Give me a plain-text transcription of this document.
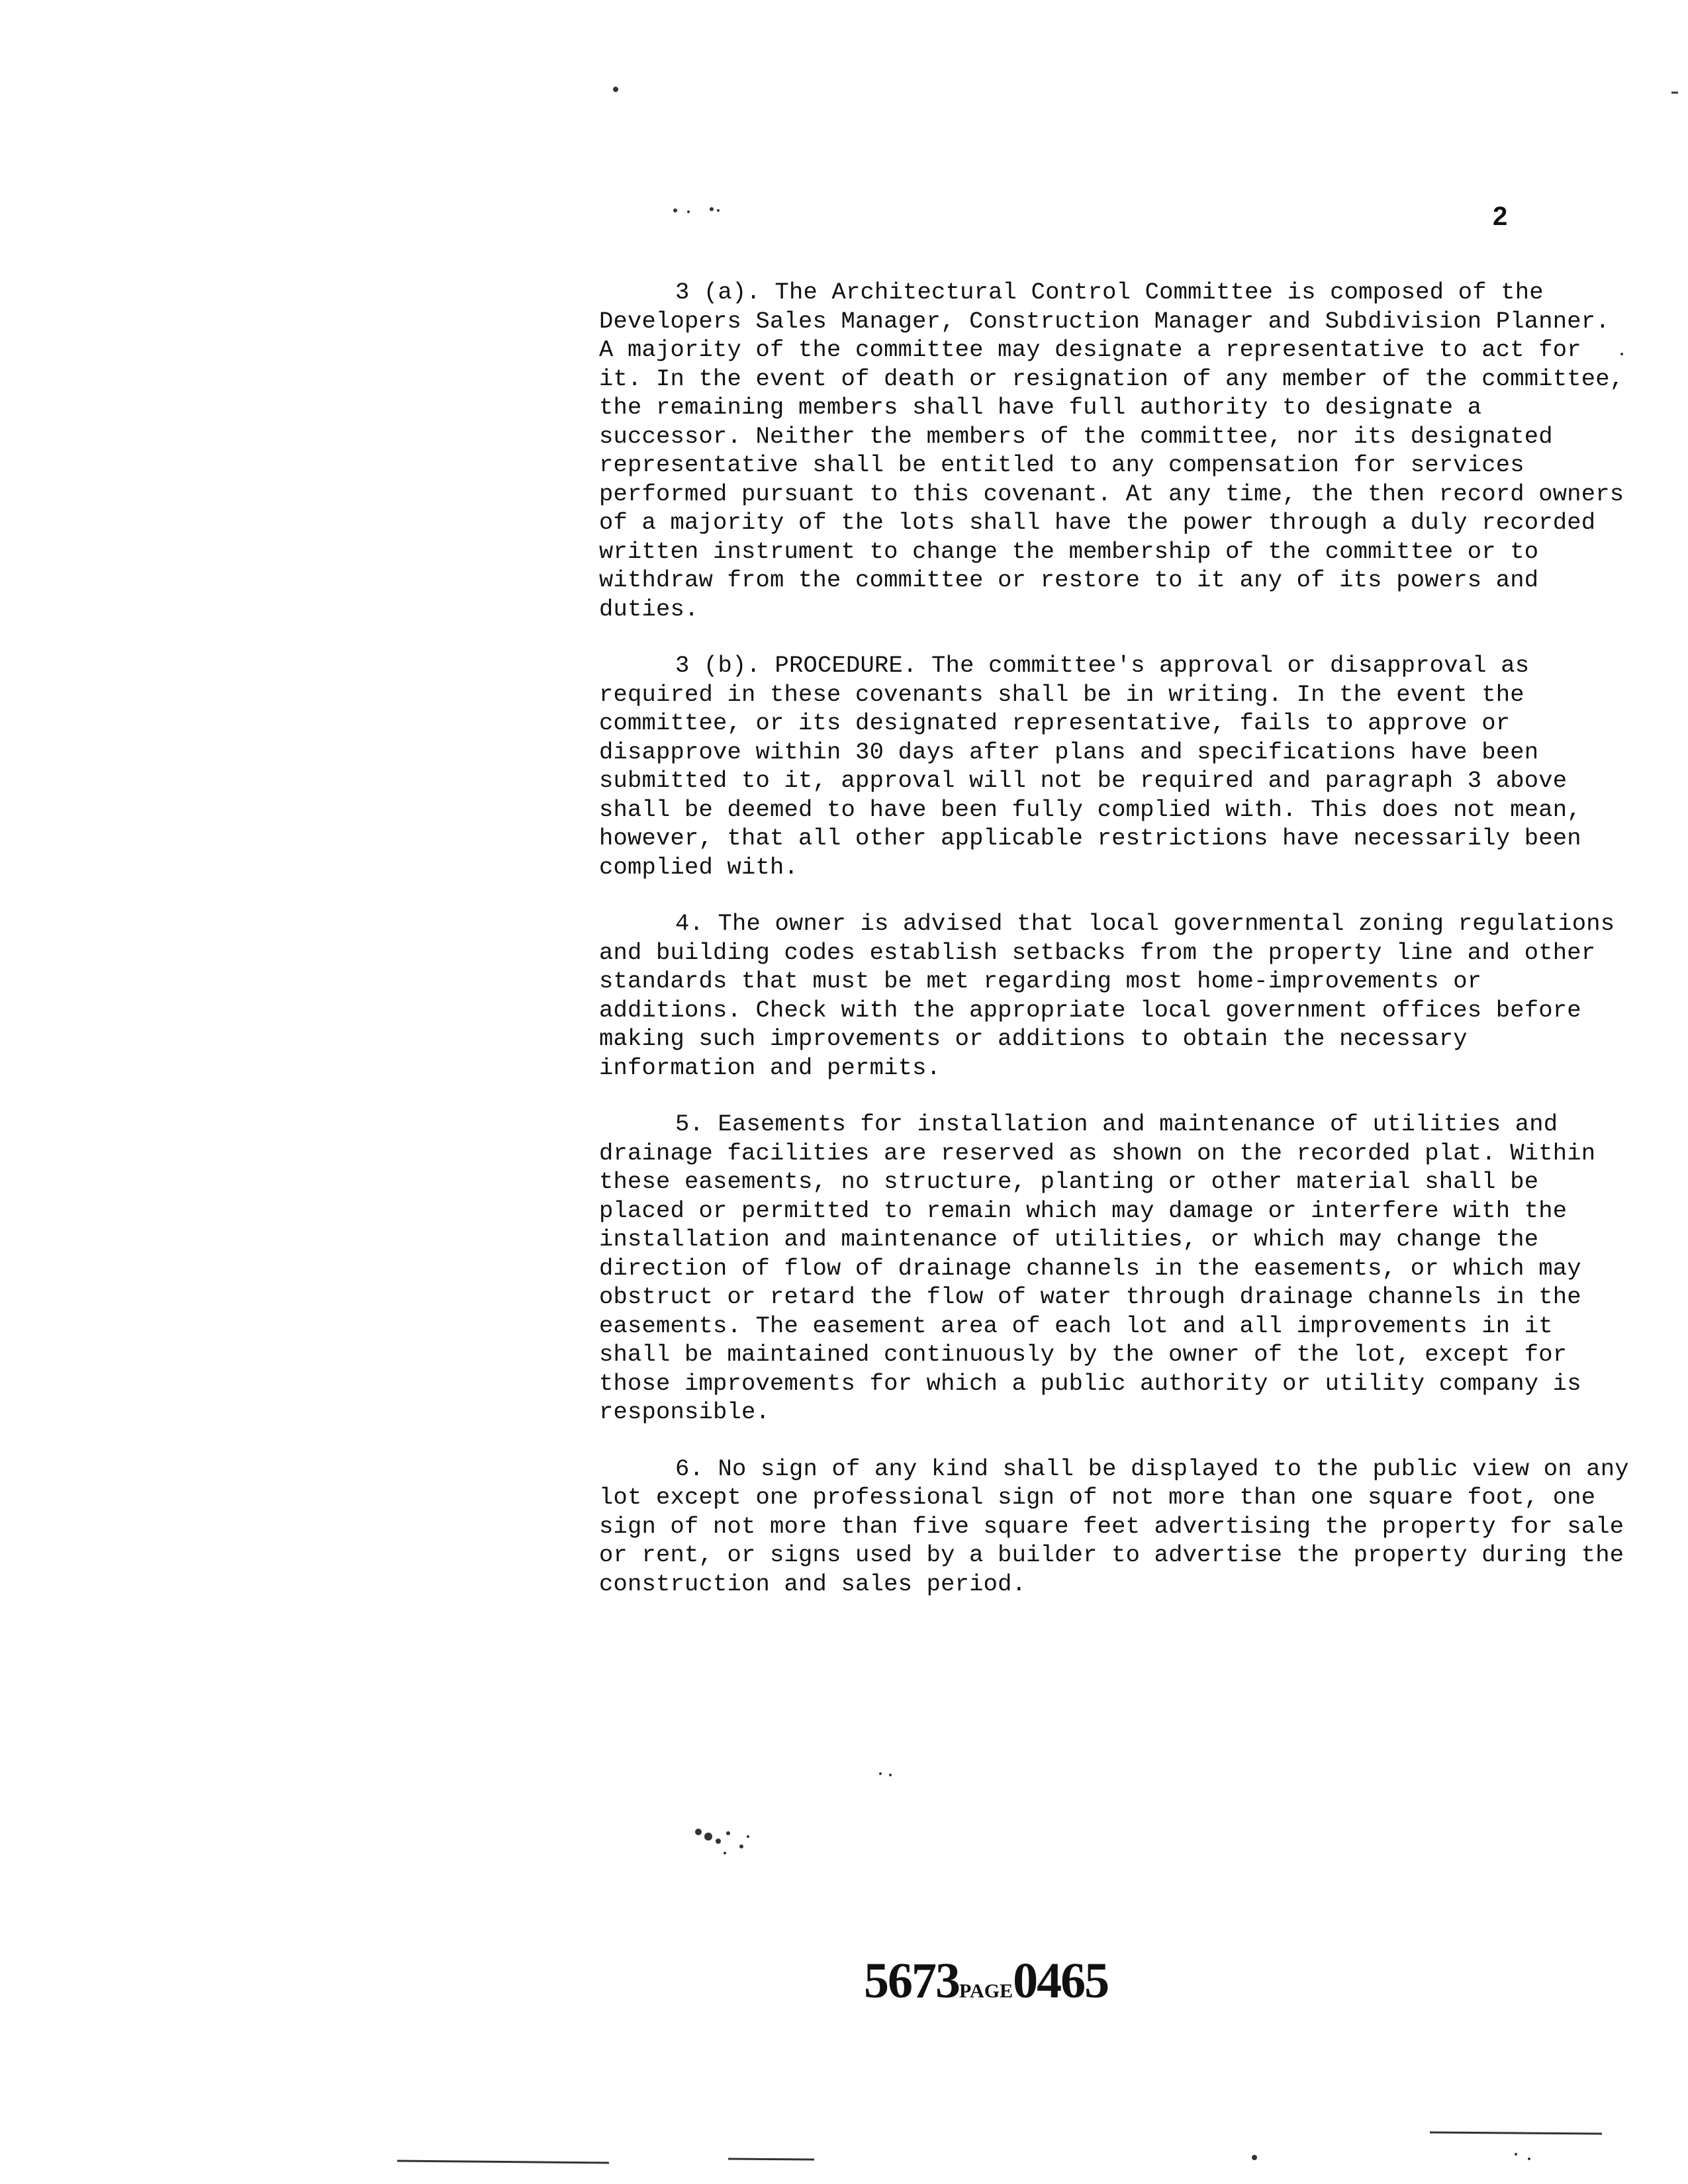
2

3 (a). The Architectural Control Committee is composed of the Developers Sales Manager, Construction Manager and Subdivision Planner. A majority of the committee may designate a representative to act for it. In the event of death or resignation of any member of the committee, the remaining members shall have full authority to designate a successor. Neither the members of the committee, nor its designated representative shall be entitled to any compensation for services performed pursuant to this covenant. At any time, the then record owners of a majority of the lots shall have the power through a duly recorded written instrument to change the membership of the committee or to withdraw from the committee or restore to it any of its powers and duties.

3 (b). PROCEDURE. The committee's approval or disapproval as required in these covenants shall be in writing. In the event the committee, or its designated representative, fails to approve or disapprove within 30 days after plans and specifications have been submitted to it, approval will not be required and paragraph 3 above shall be deemed to have been fully complied with. This does not mean, however, that all other applicable restrictions have necessarily been complied with.

4. The owner is advised that local governmental zoning regulations and building codes establish setbacks from the property line and other standards that must be met regarding most home-improvements or additions. Check with the appropriate local government offices before making such improvements or additions to obtain the necessary information and permits.

5. Easements for installation and maintenance of utilities and drainage facilities are reserved as shown on the recorded plat. Within these easements, no structure, planting or other material shall be placed or permitted to remain which may damage or interfere with the installation and maintenance of utilities, or which may change the direction of flow of drainage channels in the easements, or which may obstruct or retard the flow of water through drainage channels in the easements. The easement area of each lot and all improvements in it shall be maintained continuously by the owner of the lot, except for those improvements for which a public authority or utility company is responsible.

6. No sign of any kind shall be displayed to the public view on any lot except one professional sign of not more than one square foot, one sign of not more than five square feet advertising the property for sale or rent, or signs used by a builder to advertise the property during the construction and sales period.

5673PAGE0465
